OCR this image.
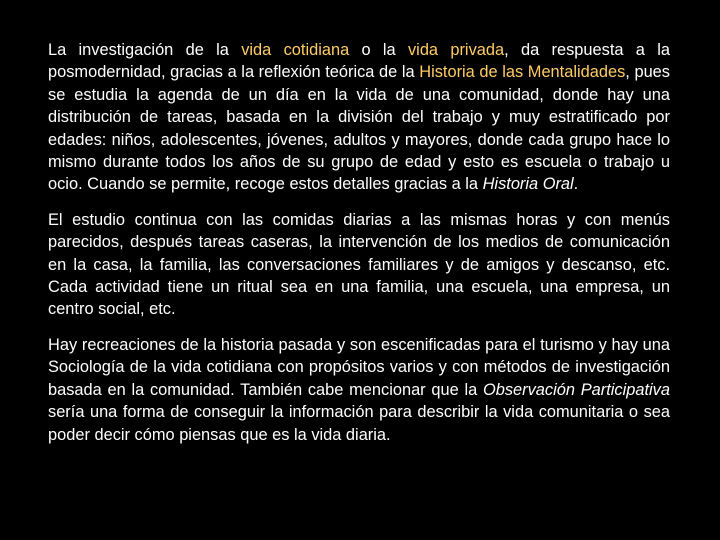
La investigación de la vida cotidiana o la vida privada, da respuesta a la posmodernidad, gracias a la reflexión teórica de la Historia de las Mentalidades, pues se estudia la agenda de un día en la vida de una comunidad, donde hay una distribución de tareas, basada en la división del trabajo y muy estratificado por edades: niños, adolescentes, jóvenes, adultos y mayores, donde cada grupo hace lo mismo durante todos los años de su grupo de edad y esto es escuela o trabajo u ocio. Cuando se permite, recoge estos detalles gracias a la Historia Oral.

El estudio continua con las comidas diarias a las mismas horas y con menús parecidos, después tareas caseras, la intervención de los medios de comunicación en la casa, la familia, las conversaciones familiares y de amigos y descanso, etc. Cada actividad tiene un ritual sea en una familia, una escuela, una empresa, un centro social, etc.

Hay recreaciones de la historia pasada y son escenificadas para el turismo y hay una Sociología de la vida cotidiana con propósitos varios y con métodos de investigación basada en la comunidad. También cabe mencionar que la Observación Participativa sería una forma de conseguir la información para describir la vida comunitaria o sea poder decir cómo piensas que es la vida diaria.
